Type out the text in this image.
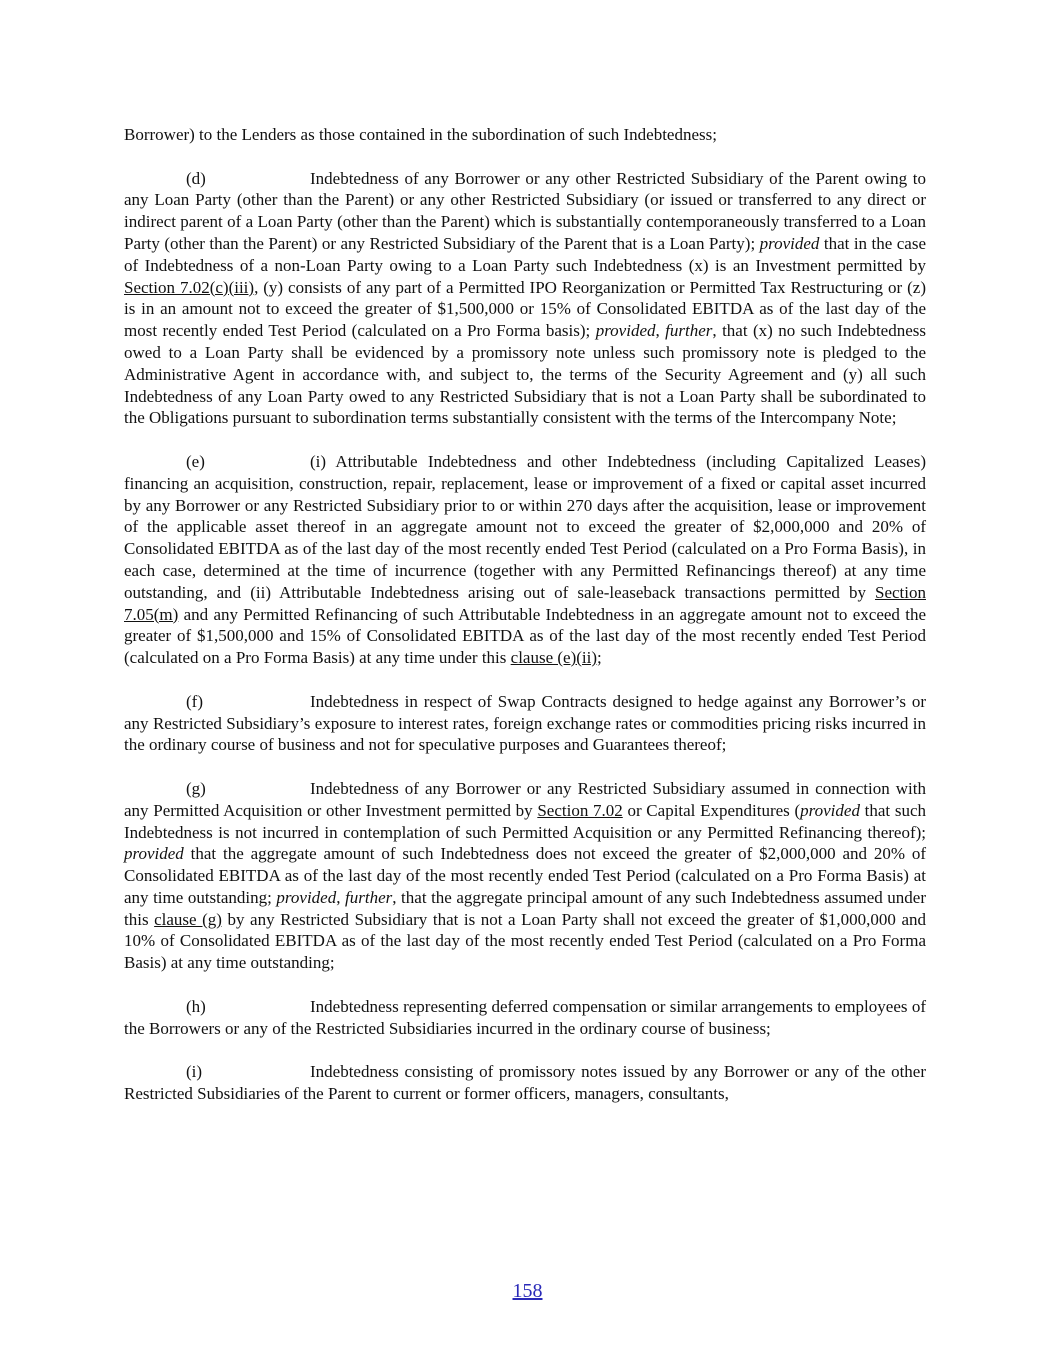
Borrower) to the Lenders as those contained in the subordination of such Indebtedness;

(d)	Indebtedness of any Borrower or any other Restricted Subsidiary of the Parent owing to any Loan Party (other than the Parent) or any other Restricted Subsidiary (or issued or transferred to any direct or indirect parent of a Loan Party (other than the Parent) which is substantially contemporaneously transferred to a Loan Party (other than the Parent) or any Restricted Subsidiary of the Parent that is a Loan Party); provided that in the case of Indebtedness of a non-Loan Party owing to a Loan Party such Indebtedness (x) is an Investment permitted by Section 7.02(c)(iii), (y) consists of any part of a Permitted IPO Reorganization or Permitted Tax Restructuring or (z) is in an amount not to exceed the greater of $1,500,000 or 15% of Consolidated EBITDA as of the last day of the most recently ended Test Period (calculated on a Pro Forma basis); provided, further, that (x) no such Indebtedness owed to a Loan Party shall be evidenced by a promissory note unless such promissory note is pledged to the Administrative Agent in accordance with, and subject to, the terms of the Security Agreement and (y) all such Indebtedness of any Loan Party owed to any Restricted Subsidiary that is not a Loan Party shall be subordinated to the Obligations pursuant to subordination terms substantially consistent with the terms of the Intercompany Note;

(e)	(i) Attributable Indebtedness and other Indebtedness (including Capitalized Leases) financing an acquisition, construction, repair, replacement, lease or improvement of a fixed or capital asset incurred by any Borrower or any Restricted Subsidiary prior to or within 270 days after the acquisition, lease or improvement of the applicable asset thereof in an aggregate amount not to exceed the greater of $2,000,000 and 20% of Consolidated EBITDA as of the last day of the most recently ended Test Period (calculated on a Pro Forma Basis), in each case, determined at the time of incurrence (together with any Permitted Refinancings thereof) at any time outstanding, and (ii) Attributable Indebtedness arising out of sale-leaseback transactions permitted by Section 7.05(m) and any Permitted Refinancing of such Attributable Indebtedness in an aggregate amount not to exceed the greater of $1,500,000 and 15% of Consolidated EBITDA as of the last day of the most recently ended Test Period (calculated on a Pro Forma Basis) at any time under this clause (e)(ii);

(f)	Indebtedness in respect of Swap Contracts designed to hedge against any Borrower’s or any Restricted Subsidiary’s exposure to interest rates, foreign exchange rates or commodities pricing risks incurred in the ordinary course of business and not for speculative purposes and Guarantees thereof;

(g)	Indebtedness of any Borrower or any Restricted Subsidiary assumed in connection with any Permitted Acquisition or other Investment permitted by Section 7.02 or Capital Expenditures (provided that such Indebtedness is not incurred in contemplation of such Permitted Acquisition or any Permitted Refinancing thereof); provided that the aggregate amount of such Indebtedness does not exceed the greater of $2,000,000 and 20% of Consolidated EBITDA as of the last day of the most recently ended Test Period (calculated on a Pro Forma Basis) at any time outstanding; provided, further, that the aggregate principal amount of any such Indebtedness assumed under this clause (g) by any Restricted Subsidiary that is not a Loan Party shall not exceed the greater of $1,000,000 and 10% of Consolidated EBITDA as of the last day of the most recently ended Test Period (calculated on a Pro Forma Basis) at any time outstanding;

(h)	Indebtedness representing deferred compensation or similar arrangements to employees of the Borrowers or any of the Restricted Subsidiaries incurred in the ordinary course of business;

(i)	Indebtedness consisting of promissory notes issued by any Borrower or any of the other Restricted Subsidiaries of the Parent to current or former officers, managers, consultants,

158
